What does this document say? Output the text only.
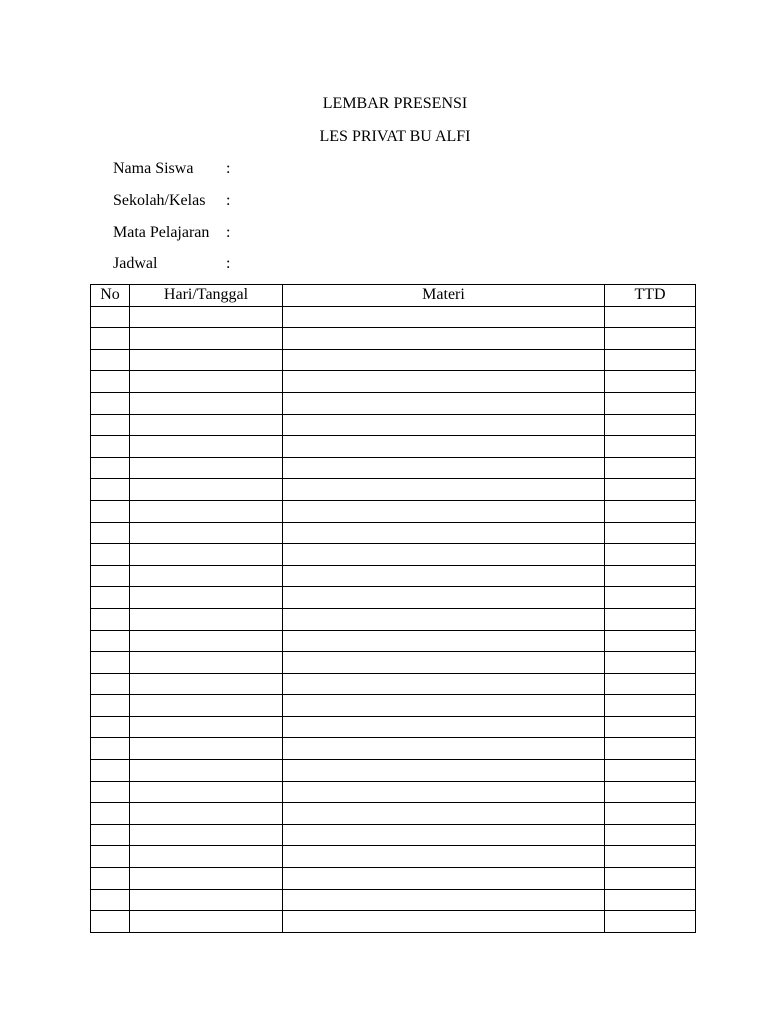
LEMBAR PRESENSI
LES PRIVAT BU ALFI
Nama Siswa :
Sekolah/Kelas :
Mata Pelajaran :
Jadwal	:
No	Hari/Tanggal	Materi	TTD
